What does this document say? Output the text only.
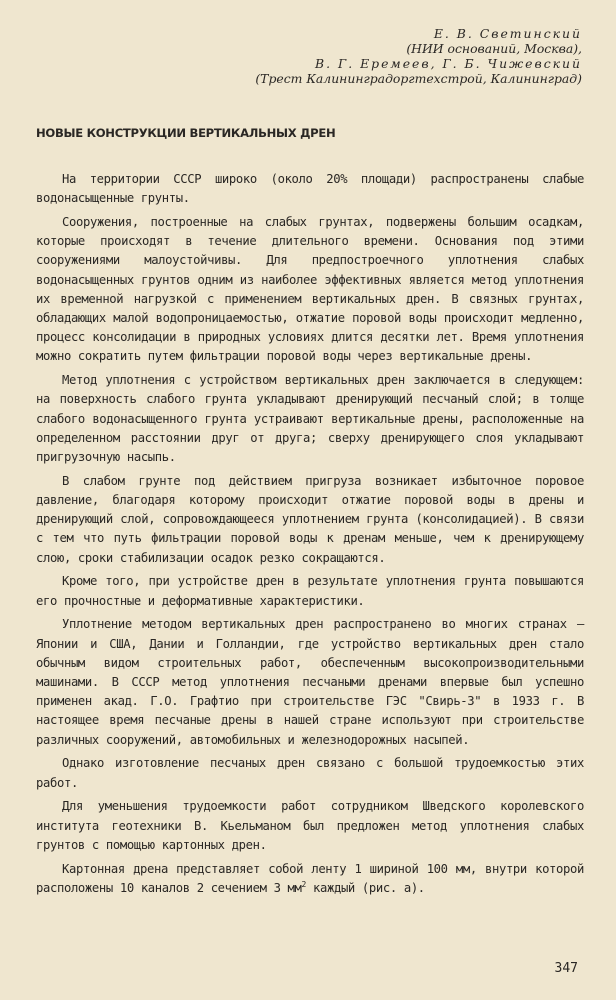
Е. В. Светинский
(НИИ оснований, Москва),
В. Г. Еремеев, Г. Б. Чижевский
(Трест Калининградоргтехстрой, Калининград)
НОВЫЕ КОНСТРУКЦИИ ВЕРТИКАЛЬНЫХ ДРЕН

На территории СССР широко (около 20% площади) распространены слабые водонасыщенные грунты.

Сооружения, построенные на слабых грунтах, подвержены большим осадкам, которые происходят в течение длительного времени. Основания под этими сооружениями малоустойчивы. Для предпостроечного уплотнения слабых водонасыщенных грунтов одним из наиболее эффективных является метод уплотнения их временной нагрузкой с применением вертикальных дрен. В связных грунтах, обладающих малой водопроницаемостью, отжатие поровой воды происходит медленно, процесс консолидации в природных условиях длится десятки лет. Время уплотнения можно сократить путем фильтрации поровой воды через вертикальные дрены.

Метод уплотнения с устройством вертикальных дрен заключается в следующем: на поверхность слабого грунта укладывают дренирующий песчаный слой; в толще слабого водонасыщенного грунта устраивают вертикальные дрены, расположенные на определенном расстоянии друг от друга; сверху дренирующего слоя укладывают пригрузочную насыпь.

В слабом грунте под действием пригруза возникает избыточное поровое давление, благодаря которому происходит отжатие поровой воды в дрены и дренирующий слой, сопровождающееся уплотнением грунта (консолидацией). В связи с тем что путь фильтрации поровой воды к дренам меньше, чем к дренирующему слою, сроки стабилизации осадок резко сокращаются.

Кроме того, при устройстве дрен в результате уплотнения грунта повышаются его прочностные и деформативные характеристики.

Уплотнение методом вертикальных дрен распространено во многих странах – Японии и США, Дании и Голландии, где устройство вертикальных дрен стало обычным видом строительных работ, обеспеченным высокопроизводительными машинами. В СССР метод уплотнения песчаными дренами впервые был успешно применен акад. Г.О. Графтио при строительстве ГЭС "Свирь-3" в 1933 г. В настоящее время песчаные дрены в нашей стране используют при строительстве различных сооружений, автомобильных и железнодорожных насыпей.

Однако изготовление песчаных дрен связано с большой трудоемкостью этих работ.

Для уменьшения трудоемкости работ сотрудником Шведского королевского института геотехники В. Кьельманом был предложен метод уплотнения слабых грунтов с помощью картонных дрен.

Картонная дрена представляет собой ленту 1 шириной 100 мм, внутри которой расположены 10 каналов 2 сечением 3 $мм^2$ каждый (рис. а).

347
